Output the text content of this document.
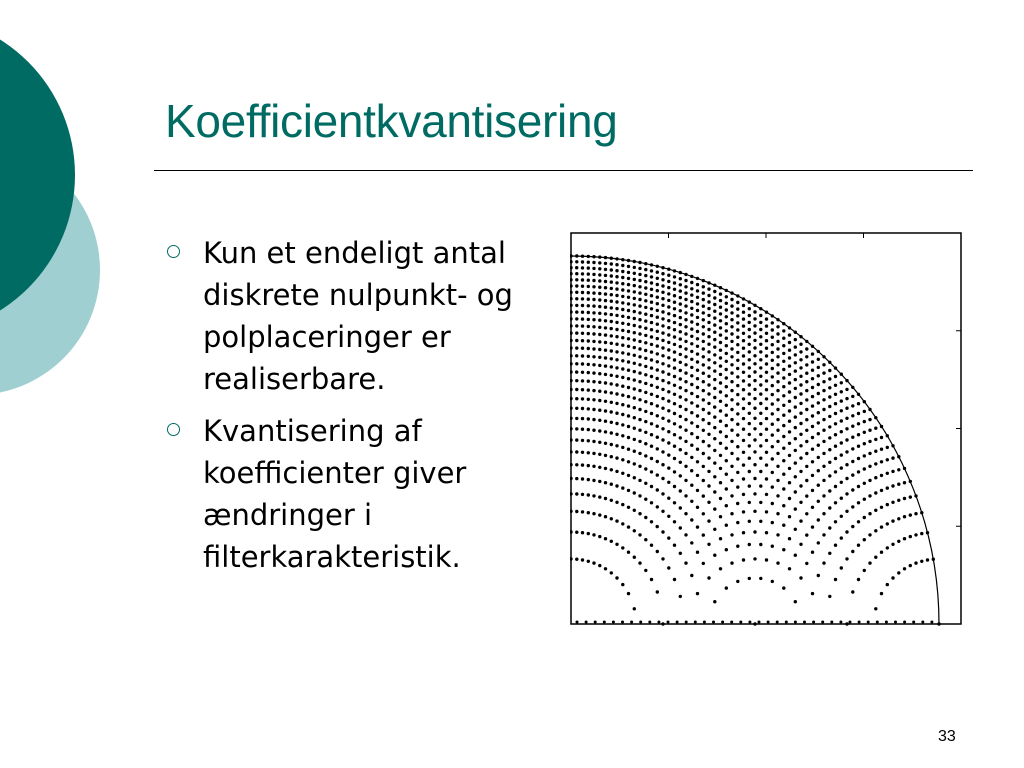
Koefficientkvantisering
Kun et endeligt antal diskrete nulpunkt- og polplaceringer er realiserbare.
Kvantisering af koefficienter giver ændringer i filterkarakteristik.
33
